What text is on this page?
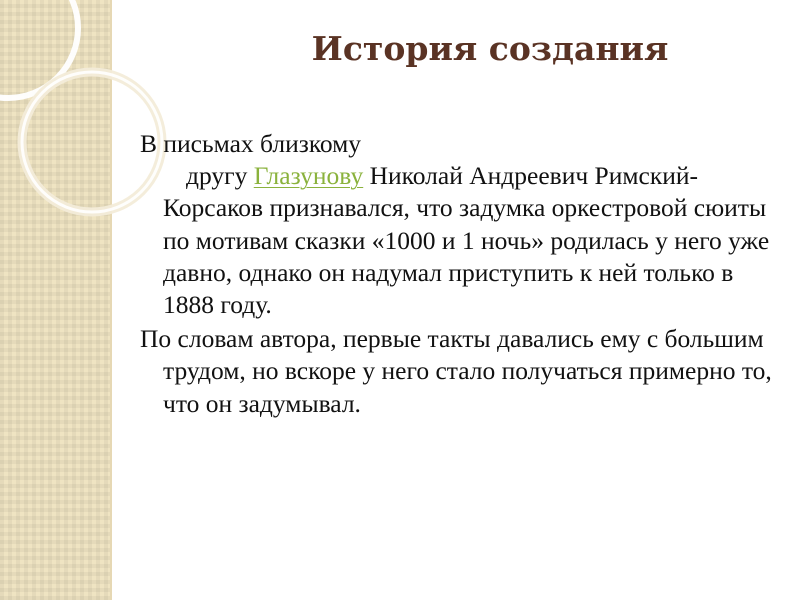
История создания

В письмах близкому
другу Глазунову Николай Андреевич Римский-Корсаков признавался, что задумка оркестровой сюиты по мотивам сказки «1000 и 1 ночь» родилась у него уже давно, однако он надумал приступить к ней только в 1888 году.

По словам автора, первые такты давались ему с большим трудом, но вскоре у него стало получаться примерно то, что он задумывал.
